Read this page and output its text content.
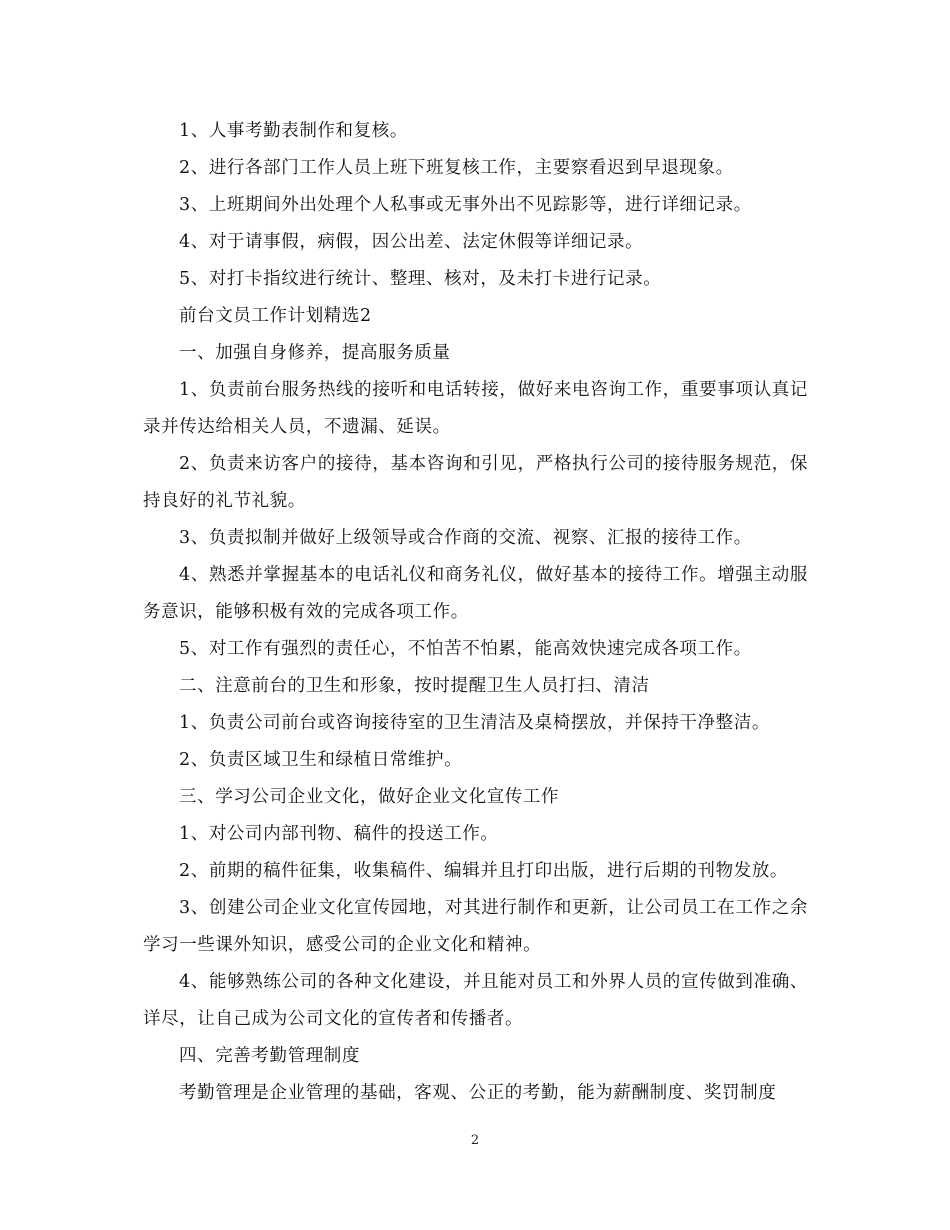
1、人事考勤表制作和复核。

2、进行各部门工作人员上班下班复核工作，主要察看迟到早退现象。

3、上班期间外出处理个人私事或无事外出不见踪影等，进行详细记录。

4、对于请事假，病假，因公出差、法定休假等详细记录。

5、对打卡指纹进行统计、整理、核对，及未打卡进行记录。

前台文员工作计划精选2

一、加强自身修养，提高服务质量

1、负责前台服务热线的接听和电话转接，做好来电咨询工作，重要事项认真记录并传达给相关人员，不遗漏、延误。

2、负责来访客户的接待，基本咨询和引见，严格执行公司的接待服务规范，保持良好的礼节礼貌。

3、负责拟制并做好上级领导或合作商的交流、视察、汇报的接待工作。

4、熟悉并掌握基本的电话礼仪和商务礼仪，做好基本的接待工作。增强主动服务意识，能够积极有效的完成各项工作。

5、对工作有强烈的责任心，不怕苦不怕累，能高效快速完成各项工作。

二、注意前台的卫生和形象，按时提醒卫生人员打扫、清洁

1、负责公司前台或咨询接待室的卫生清洁及桌椅摆放，并保持干净整洁。

2、负责区域卫生和绿植日常维护。

三、学习公司企业文化，做好企业文化宣传工作

1、对公司内部刊物、稿件的投送工作。

2、前期的稿件征集，收集稿件、编辑并且打印出版，进行后期的刊物发放。

3、创建公司企业文化宣传园地，对其进行制作和更新，让公司员工在工作之余学习一些课外知识，感受公司的企业文化和精神。

4、能够熟练公司的各种文化建设，并且能对员工和外界人员的宣传做到准确、详尽，让自己成为公司文化的宣传者和传播者。

四、完善考勤管理制度

考勤管理是企业管理的基础，客观、公正的考勤，能为薪酬制度、奖罚制度

2
